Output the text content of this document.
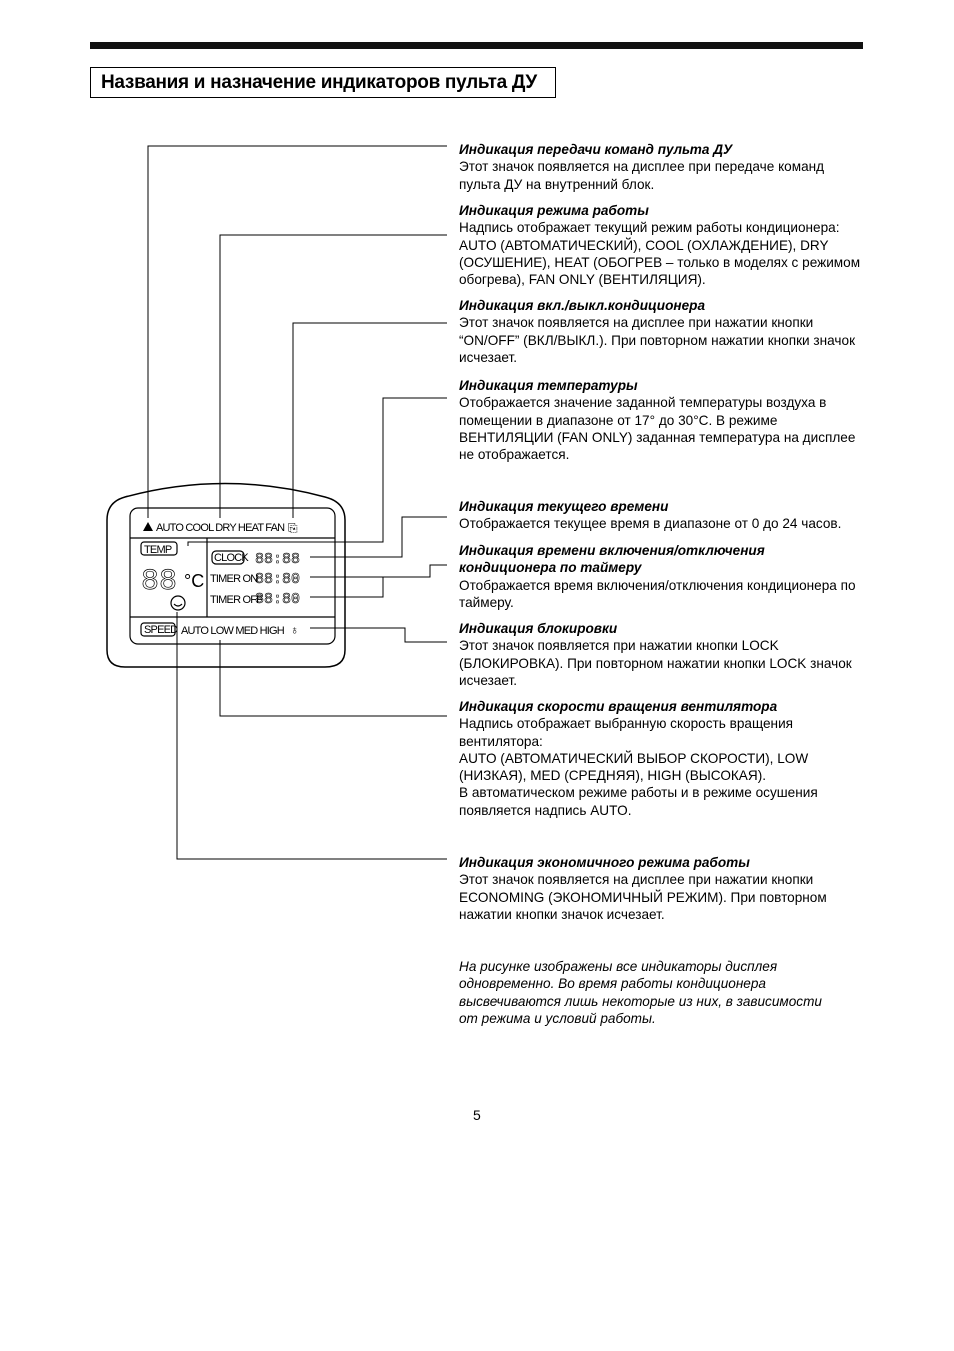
Названия и назначение индикаторов пульта ДУ
AUTO COOL DRY HEAT FAN ⎘
TEMP
88 °C
CLOCK
TIMER ON
TIMER OFF
88:88
88:80
88:80
SPEED AUTO LOW MED HIGH ♁
Индикация передачи команд пульта ДУ
Этот значок появляется на дисплее при передаче команд пульта ДУ на внутренний блок.
Индикация режима работы
Надпись отображает текущий режим работы кондиционера: AUTO (АВТОМАТИЧЕСКИЙ), COOL (ОХЛАЖДЕНИЕ), DRY (ОСУШЕНИЕ), HEAT (ОБОГРЕВ – только в моделях с режимом обогрева), FAN ONLY (ВЕНТИЛЯЦИЯ).
Индикация вкл./выкл.кондиционера
Этот значок появляется на дисплее при нажатии кнопки “ON/OFF” (ВКЛ/ВЫКЛ.). При повторном нажатии кнопки значок исчезает.
Индикация температуры
Отображается значение заданной температуры воздуха в помещении в диапазоне от 17° до 30°C. В режиме ВЕНТИЛЯЦИИ (FAN ONLY) заданная температура на дисплее не отображается.
Индикация текущего времени
Отображается текущее время в диапазоне от 0 до 24 часов.
Индикация времени включения/отключения кондиционера по таймеру
Отображается время включения/отключения кондиционера по таймеру.
Индикация блокировки
Этот значок появляется при нажатии кнопки LOCK (БЛОКИРОВКА). При повторном нажатии кнопки LOCK значок исчезает.
Индикация скорости вращения вентилятора
Надпись отображает выбранную скорость вращения вентилятора:
AUTO (АВТОМАТИЧЕСКИЙ ВЫБОР СКОРОСТИ), LOW (НИЗКАЯ), MED (СРЕДНЯЯ), HIGH (ВЫСОКАЯ).
В автоматическом режиме работы и в режиме осушения появляется надпись AUTO.
Индикация экономичного режима работы
Этот значок появляется на дисплее при нажатии кнопки ECONOMING (ЭКОНОМИЧНЫЙ РЕЖИМ). При повторном нажатии кнопки значок исчезает.
На рисунке изображены все индикаторы дисплея одновременно. Во время работы кондиционера высвечиваются лишь некоторые из них, в зависимости от режима и условий работы.
5
